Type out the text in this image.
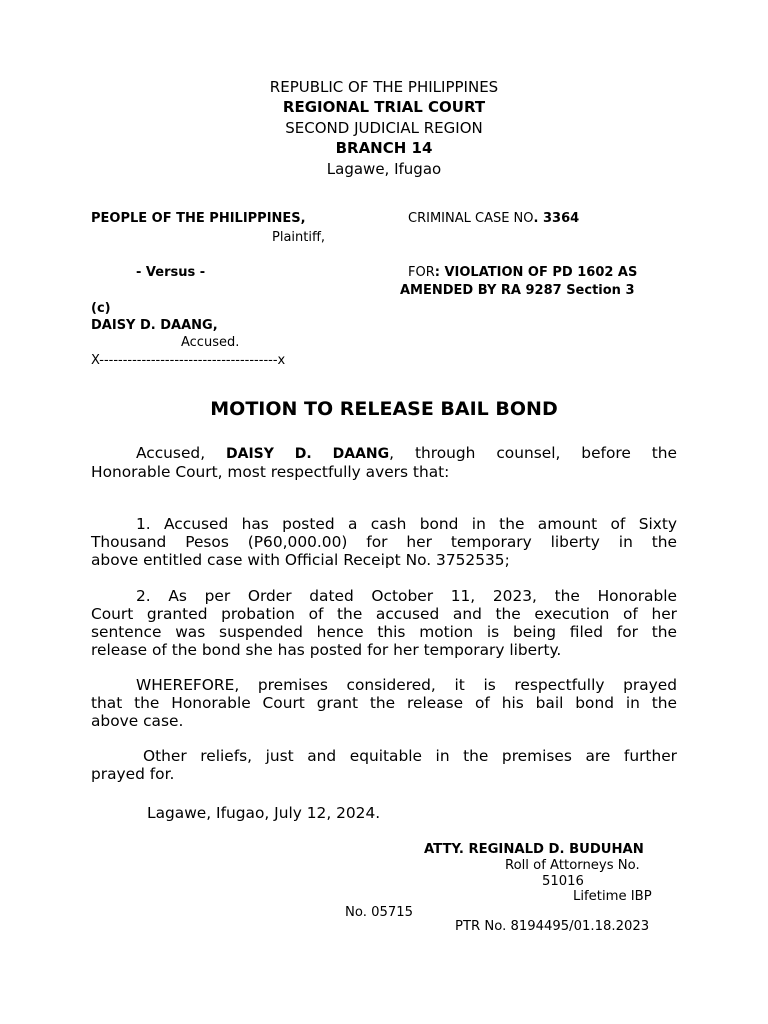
REPUBLIC OF THE PHILIPPINES
REGIONAL TRIAL COURT
SECOND JUDICIAL REGION
BRANCH 14
Lagawe, Ifugao
PEOPLE OF THE PHILIPPINES,
Plaintiff,
- Versus -
(c)
DAISY D. DAANG,
Accused.
X--------------------------------------x
CRIMINAL CASE NO. 3364
FOR: VIOLATION OF PD 1602 AS
AMENDED BY RA 9287 Section 3
MOTION TO RELEASE BAIL BOND
Accused, DAISY D. DAANG, through counsel, before the
Honorable Court, most respectfully avers that:
1. Accused has posted a cash bond in the amount of Sixty
Thousand Pesos (P60,000.00) for her temporary liberty in the
above entitled case with Official Receipt No. 3752535;
2. As per Order dated October 11, 2023, the Honorable
Court granted probation of the accused and the execution of her
sentence was suspended hence this motion is being filed for the
release of the bond she has posted for her temporary liberty.
WHEREFORE, premises considered, it is respectfully prayed
that the Honorable Court grant the release of his bail bond in the
above case.
Other reliefs, just and equitable in the premises are further
prayed for.
Lagawe, Ifugao, July 12, 2024.
ATTY. REGINALD D. BUDUHAN
Roll of Attorneys No.
51016
Lifetime IBP
No. 05715
PTR No. 8194495/01.18.2023
